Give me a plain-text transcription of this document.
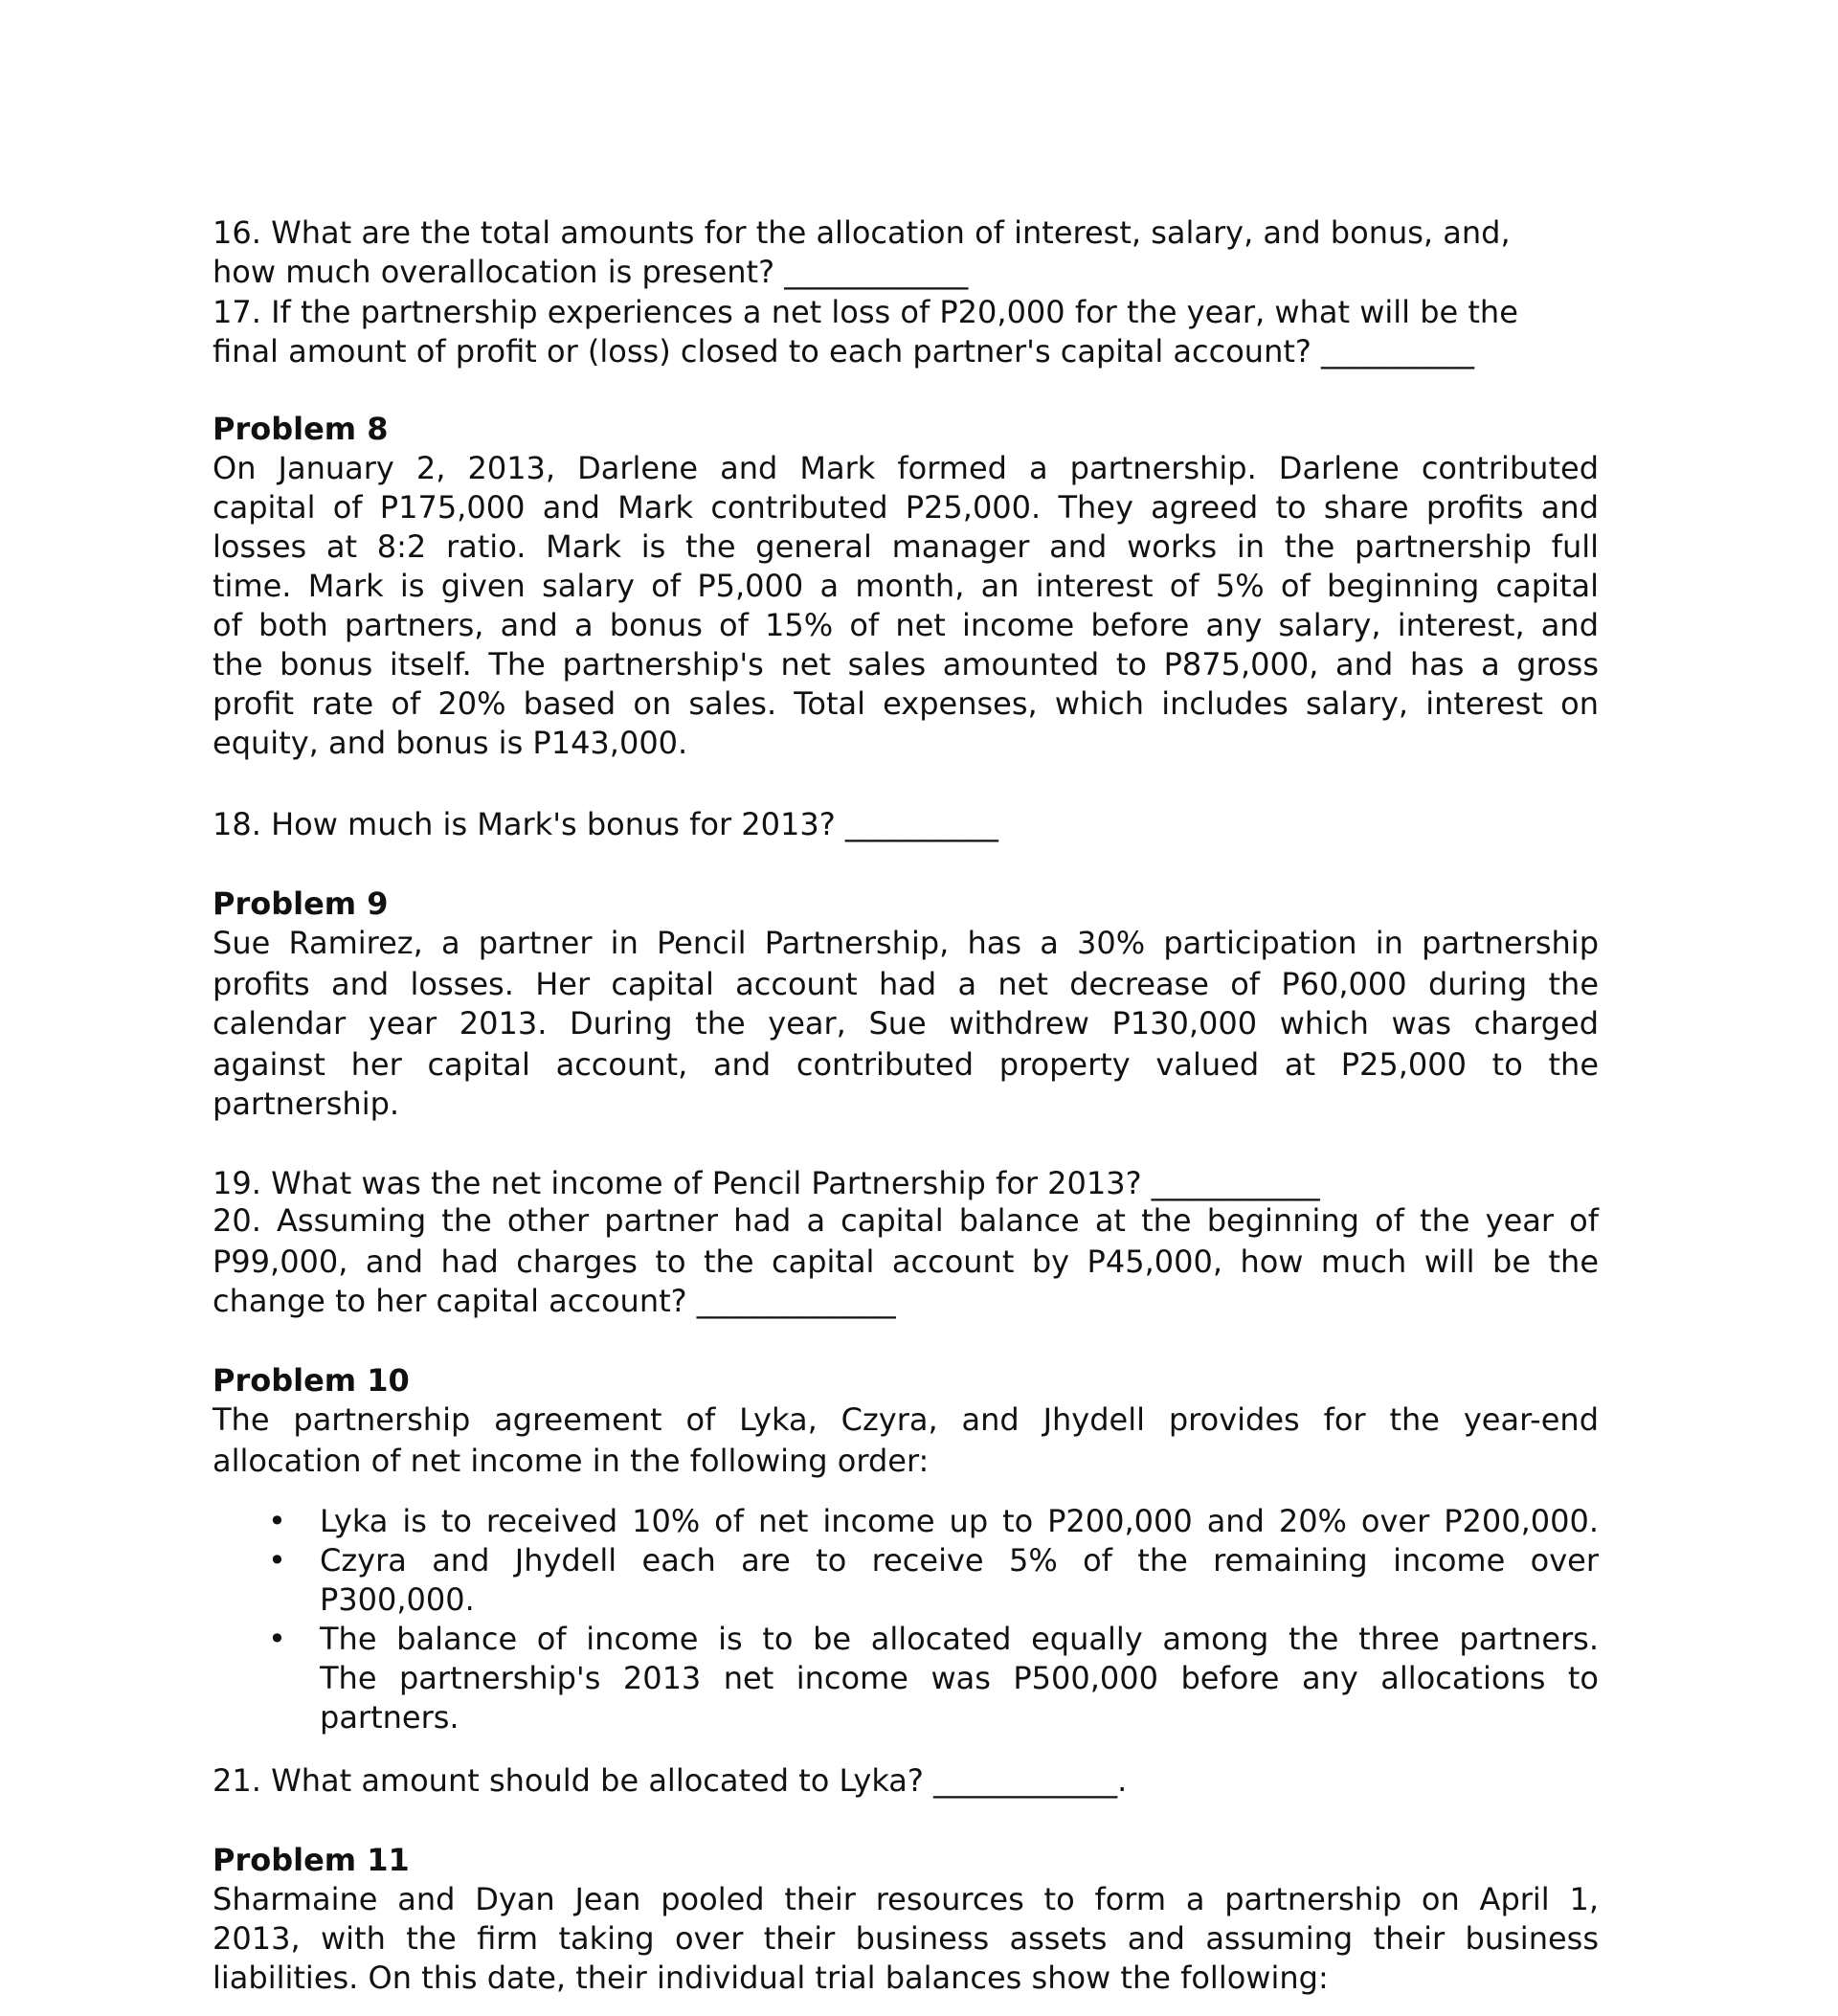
16. What are the total amounts for the allocation of interest, salary, and bonus, and,
how much overallocation is present? ____________
17. If the partnership experiences a net loss of P20,000 for the year, what will be the
final amount of profit or (loss) closed to each partner's capital account? __________
Problem 8
On January 2, 2013, Darlene and Mark formed a partnership. Darlene contributed
capital of P175,000 and Mark contributed P25,000. They agreed to share profits and
losses at 8:2 ratio. Mark is the general manager and works in the partnership full
time. Mark is given salary of P5,000 a month, an interest of 5% of beginning capital
of both partners, and a bonus of 15% of net income before any salary, interest, and
the bonus itself. The partnership's net sales amounted to P875,000, and has a gross
profit rate of 20% based on sales. Total expenses, which includes salary, interest on
equity, and bonus is P143,000.
18. How much is Mark's bonus for 2013? __________
Problem 9
Sue Ramirez, a partner in Pencil Partnership, has a 30% participation in partnership
profits and losses. Her capital account had a net decrease of P60,000 during the
calendar year 2013. During the year, Sue withdrew P130,000 which was charged
against her capital account, and contributed property valued at P25,000 to the
partnership.
19. What was the net income of Pencil Partnership for 2013? ___________
20. Assuming the other partner had a capital balance at the beginning of the year of
P99,000, and had charges to the capital account by P45,000, how much will be the
change to her capital account? _____________
Problem 10
The partnership agreement of Lyka, Czyra, and Jhydell provides for the year-end
allocation of net income in the following order:
• Lyka is to received 10% of net income up to P200,000 and 20% over P200,000.
• Czyra and Jhydell each are to receive 5% of the remaining income over
P300,000.
• The balance of income is to be allocated equally among the three partners.
The partnership's 2013 net income was P500,000 before any allocations to
partners.
21. What amount should be allocated to Lyka? ____________.
Problem 11
Sharmaine and Dyan Jean pooled their resources to form a partnership on April 1,
2013, with the firm taking over their business assets and assuming their business
liabilities. On this date, their individual trial balances show the following:
